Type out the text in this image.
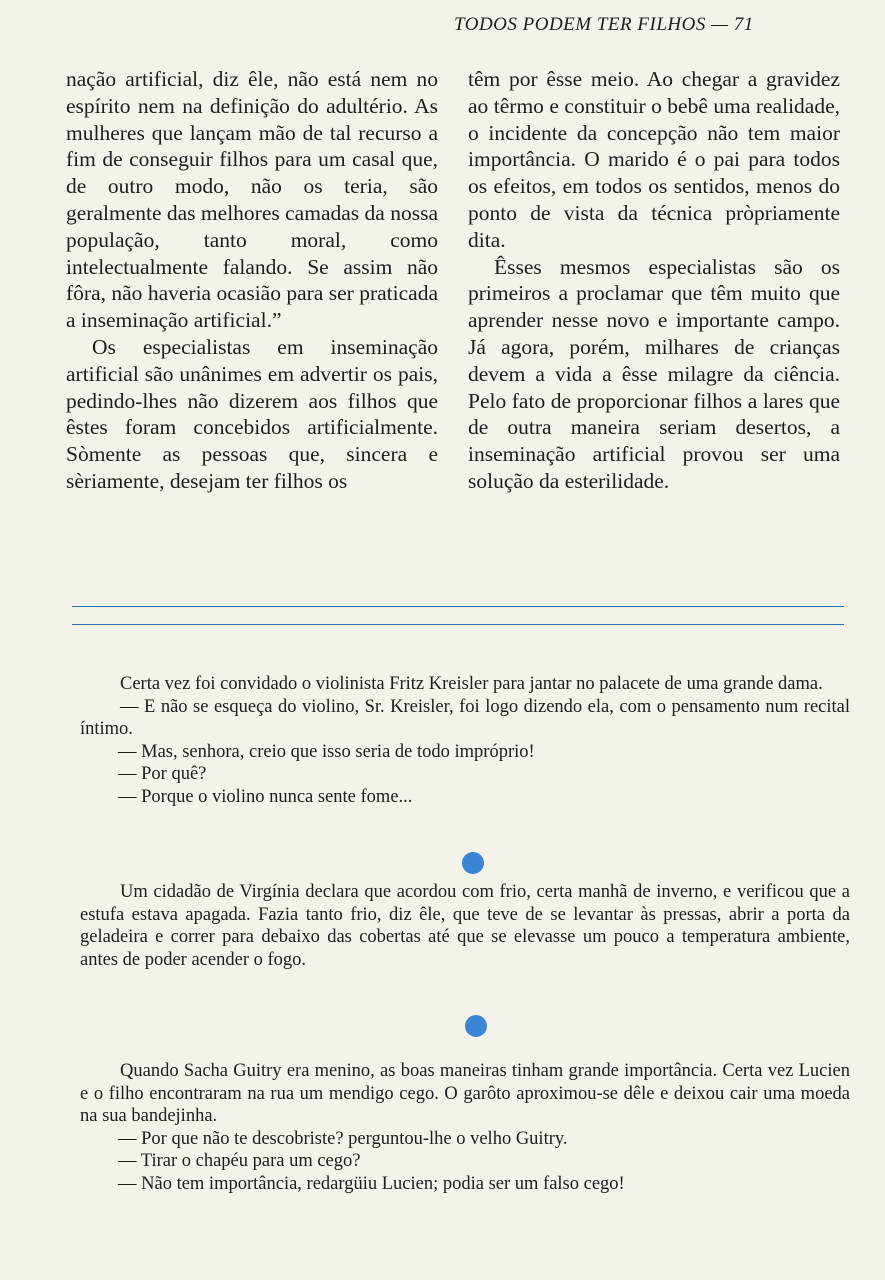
TODOS PODEM TER FILHOS — 71

nação artificial, diz êle, não está nem no espírito nem na definição do adultério. As mulheres que lançam mão de tal recurso a fim de conseguir filhos para um casal que, de outro modo, não os teria, são geralmente das melhores camadas da nossa população, tanto moral, como intelectualmente falando. Se assim não fôra, não haveria ocasião para ser praticada a inseminação artificial.”

Os especialistas em inseminação artificial são unânimes em advertir os pais, pedindo-lhes não dizerem aos filhos que êstes foram concebidos artificialmente. Sòmente as pessoas que, sincera e sèriamente, desejam ter filhos os

têm por êsse meio. Ao chegar a gravidez ao têrmo e constituir o bebê uma realidade, o incidente da concepção não tem maior importância. O marido é o pai para todos os efeitos, em todos os sentidos, menos do ponto de vista da técnica pròpriamente dita.

Êsses mesmos especialistas são os primeiros a proclamar que têm muito que aprender nesse novo e importante campo. Já agora, porém, milhares de crianças devem a vida a êsse milagre da ciência. Pelo fato de proporcionar filhos a lares que de outra maneira seriam desertos, a inseminação artificial provou ser uma solução da esterilidade.

Certa vez foi convidado o violinista Fritz Kreisler para jantar no palacete de uma grande dama.

— E não se esqueça do violino, Sr. Kreisler, foi logo dizendo ela, com o pensamento num recital íntimo.

— Mas, senhora, creio que isso seria de todo impróprio!

— Por quê?

— Porque o violino nunca sente fome...

Um cidadão de Virgínia declara que acordou com frio, certa manhã de inverno, e verificou que a estufa estava apagada. Fazia tanto frio, diz êle, que teve de se levantar às pressas, abrir a porta da geladeira e correr para debaixo das cobertas até que se elevasse um pouco a temperatura ambiente, antes de poder acender o fogo.

Quando Sacha Guitry era menino, as boas maneiras tinham grande importância. Certa vez Lucien e o filho encontraram na rua um mendigo cego. O garôto aproximou-se dêle e deixou cair uma moeda na sua bandejinha.

— Por que não te descobriste? perguntou-lhe o velho Guitry.

— Tirar o chapéu para um cego?

— Não tem importância, redargüiu Lucien; podia ser um falso cego!
